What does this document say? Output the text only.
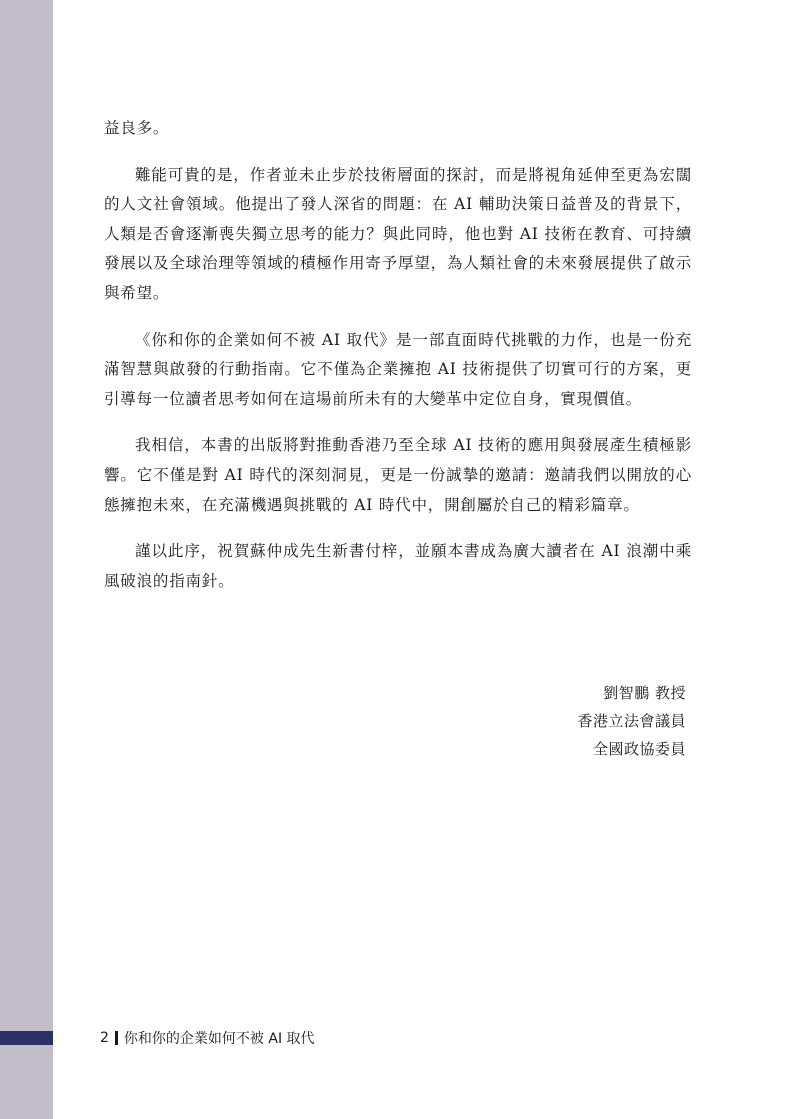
益良多。

難能可貴的是，作者並未止步於技術層面的探討，而是將視角延伸至更為宏闊的人文社會領域。他提出了發人深省的問題：在 AI 輔助決策日益普及的背景下，人類是否會逐漸喪失獨立思考的能力？與此同時，他也對 AI 技術在教育、可持續發展以及全球治理等領域的積極作用寄予厚望，為人類社會的未來發展提供了啟示與希望。

《你和你的企業如何不被 AI 取代》是一部直面時代挑戰的力作，也是一份充滿智慧與啟發的行動指南。它不僅為企業擁抱 AI 技術提供了切實可行的方案，更引導每一位讀者思考如何在這場前所未有的大變革中定位自身，實現價值。

我相信，本書的出版將對推動香港乃至全球 AI 技術的應用與發展產生積極影響。它不僅是對 AI 時代的深刻洞見，更是一份誠摯的邀請：邀請我們以開放的心態擁抱未來，在充滿機遇與挑戰的 AI 時代中，開創屬於自己的精彩篇章。

謹以此序，祝賀蘇仲成先生新書付梓，並願本書成為廣大讀者在 AI 浪潮中乘風破浪的指南針。

劉智鵬 教授
香港立法會議員
全國政協委員
2 你和你的企業如何不被 AI 取代
